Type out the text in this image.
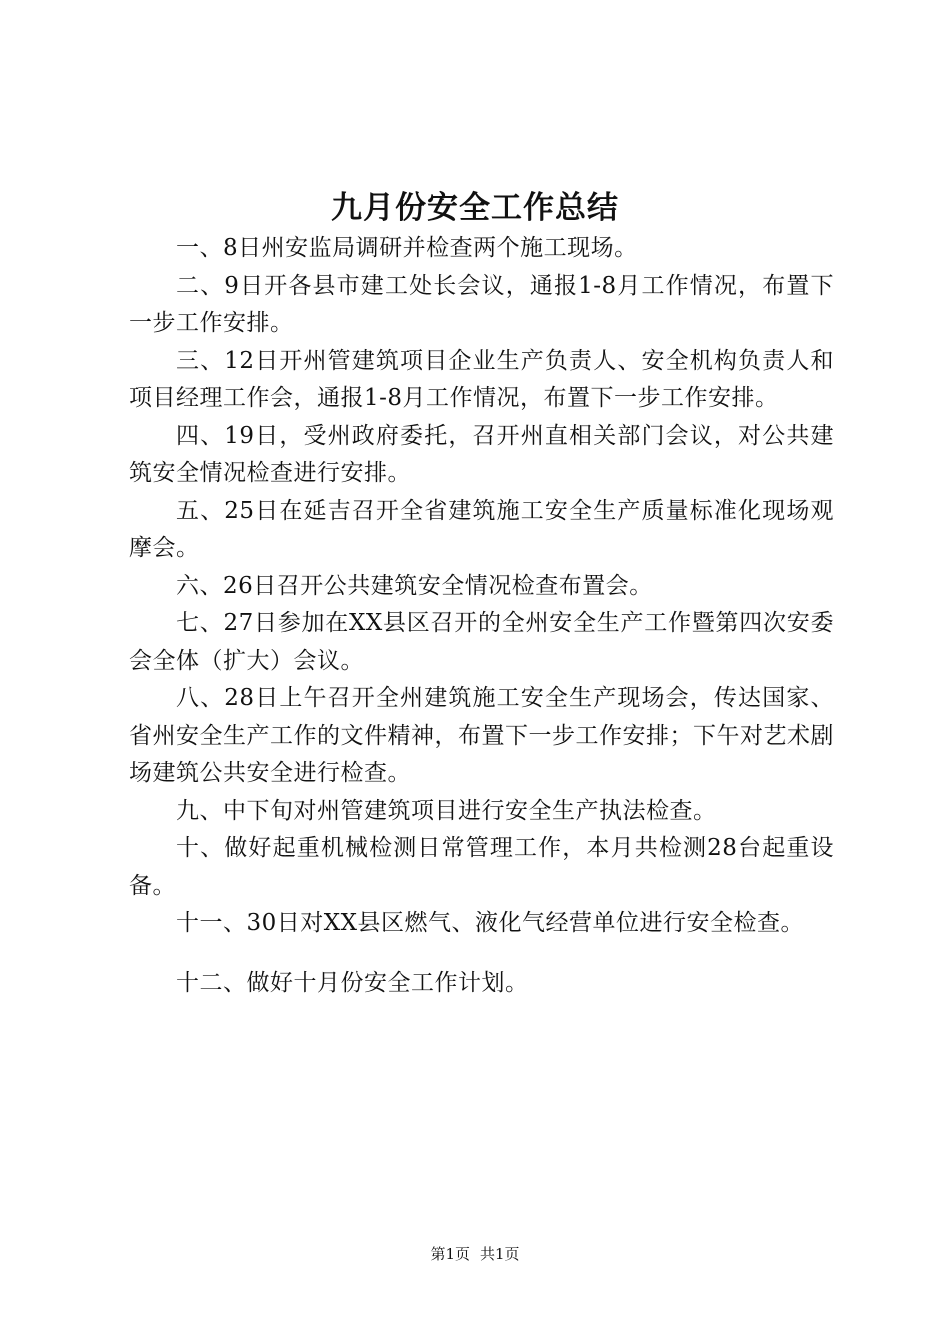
九月份安全工作总结

一、8日州安监局调研并检查两个施工现场。

二、9日开各县市建工处长会议，通报1-8月工作情况，布置下一步工作安排。

三、12日开州管建筑项目企业生产负责人、安全机构负责人和项目经理工作会，通报1-8月工作情况，布置下一步工作安排。

四、19日，受州政府委托，召开州直相关部门会议，对公共建筑安全情况检查进行安排。

五、25日在延吉召开全省建筑施工安全生产质量标准化现场观摩会。

六、26日召开公共建筑安全情况检查布置会。

七、27日参加在XX县区召开的全州安全生产工作暨第四次安委会全体（扩大）会议。

八、28日上午召开全州建筑施工安全生产现场会，传达国家、省州安全生产工作的文件精神，布置下一步工作安排；下午对艺术剧场建筑公共安全进行检查。

九、中下旬对州管建筑项目进行安全生产执法检查。

十、做好起重机械检测日常管理工作，本月共检测28台起重设备。

十一、30日对XX县区燃气、液化气经营单位进行安全检查。

十二、做好十月份安全工作计划。

第1页 共1页
